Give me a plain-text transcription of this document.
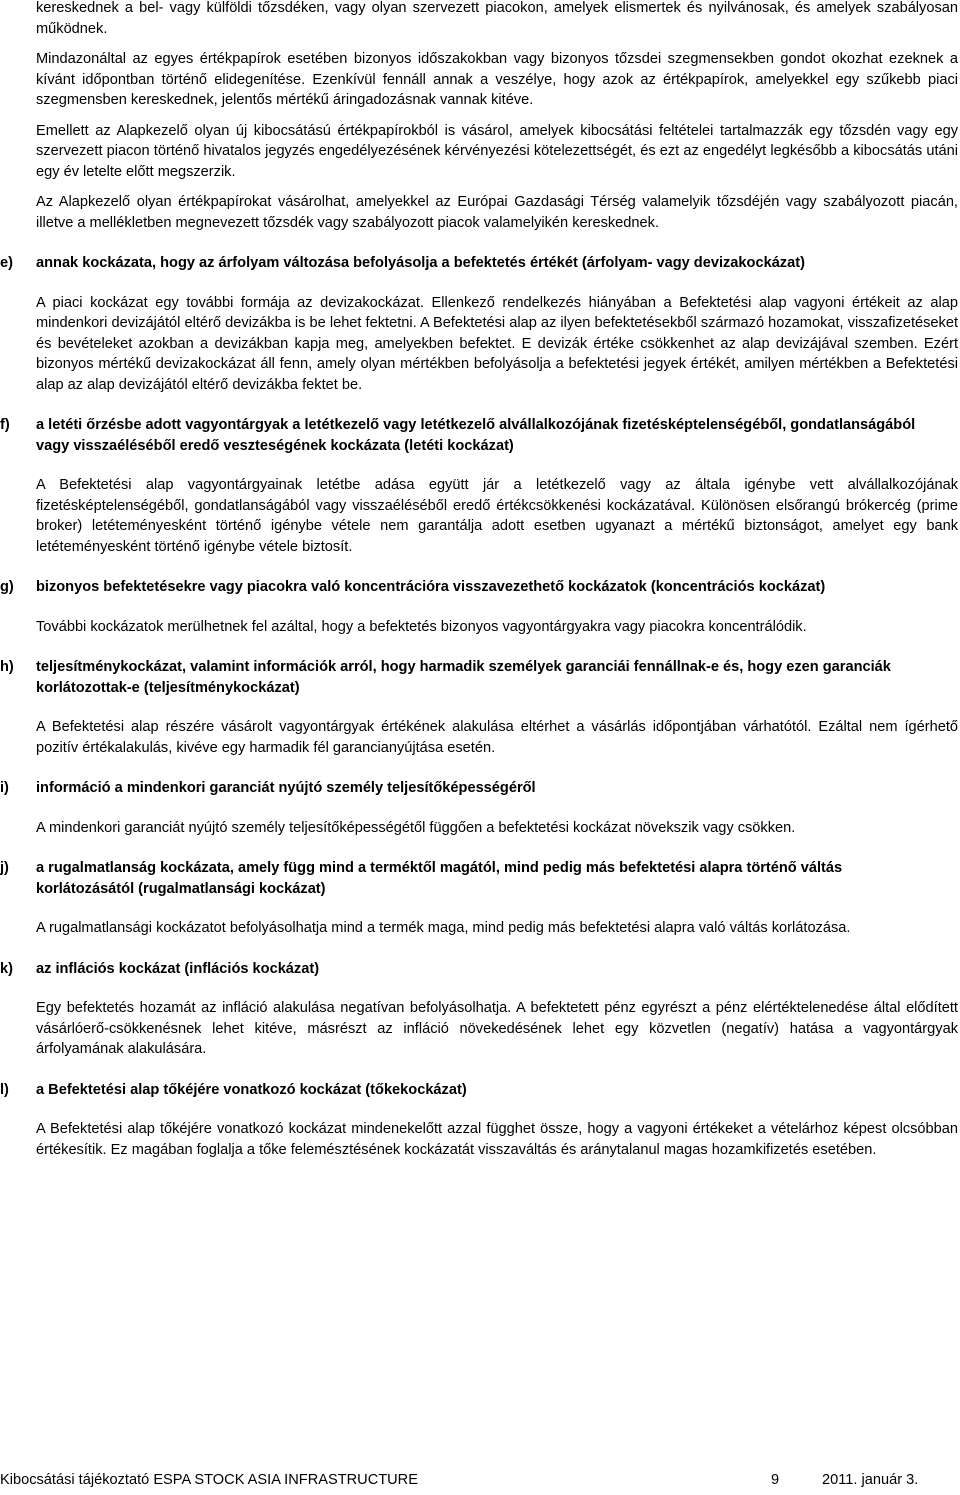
kereskednek a bel- vagy külföldi tőzsdéken, vagy olyan szervezett piacokon, amelyek elismertek és nyilvánosak, és amelyek szabályosan működnek.

Mindazonáltal az egyes értékpapírok esetében bizonyos időszakokban vagy bizonyos tőzsdei szegmensekben gondot okozhat ezeknek a kívánt időpontban történő elidegenítése. Ezenkívül fennáll annak a veszélye, hogy azok az értékpapírok, amelyekkel egy szűkebb piaci szegmensben kereskednek, jelentős mértékű áringadozásnak vannak kitéve.

Emellett az Alapkezelő olyan új kibocsátású értékpapírokból is vásárol, amelyek kibocsátási feltételei tartalmazzák egy tőzsdén vagy egy szervezett piacon történő hivatalos jegyzés engedélyezésének kérvényezési kötelezettségét, és ezt az engedélyt legkésőbb a kibocsátás utáni egy év letelte előtt megszerzik.

Az Alapkezelő olyan értékpapírokat vásárolhat, amelyekkel az Európai Gazdasági Térség valamelyik tőzsdéjén vagy szabályozott piacán, illetve a mellékletben megnevezett tőzsdék vagy szabályozott piacok valamelyikén kereskednek.

e)	annak kockázata, hogy az árfolyam változása befolyásolja a befektetés értékét (árfolyam- vagy devizakockázat)

A piaci kockázat egy további formája az devizakockázat. Ellenkező rendelkezés hiányában a Befektetési alap vagyoni értékeit az alap mindenkori devizájától eltérő devizákba is be lehet fektetni. A Befektetési alap az ilyen befektetésekből származó hozamokat, visszafizetéseket és bevételeket azokban a devizákban kapja meg, amelyekben befektet. E devizák értéke csökkenhet az alap devizájával szemben. Ezért bizonyos mértékű devizakockázat áll fenn, amely olyan mértékben befolyásolja a befektetési jegyek értékét, amilyen mértékben a Befektetési alap az alap devizájától eltérő devizákba fektet be.

f)	a letéti őrzésbe adott vagyontárgyak a letétkezelő vagy letétkezelő alvállalkozójának fizetésképtelenségéből, gondatlanságából vagy visszaéléséből eredő veszteségének kockázata (letéti kockázat)

A Befektetési alap vagyontárgyainak letétbe adása együtt jár a letétkezelő vagy az általa igénybe vett alvállalkozójának fizetésképtelenségéből, gondatlanságából vagy visszaéléséből eredő értékcsökkenési kockázatával. Különösen elsőrangú brókercég (prime broker) letéteményesként történő igénybe vétele nem garantálja adott esetben ugyanazt a mértékű biztonságot, amelyet egy bank letéteményesként történő igénybe vétele biztosít.

g)	bizonyos befektetésekre vagy piacokra való koncentrációra visszavezethető kockázatok (koncentrációs kockázat)

További kockázatok merülhetnek fel azáltal, hogy a befektetés bizonyos vagyontárgyakra vagy piacokra koncentrálódik.

h)	teljesítménykockázat, valamint információk arról, hogy harmadik személyek garanciái fennállnak-e és, hogy ezen garanciák korlátozottak-e (teljesítménykockázat)

A Befektetési alap részére vásárolt vagyontárgyak értékének alakulása eltérhet a vásárlás időpontjában várhatótól. Ezáltal nem ígérhető pozitív értékalakulás, kivéve egy harmadik fél garancianyújtása esetén.

i)	információ a mindenkori garanciát nyújtó személy teljesítőképességéről

A mindenkori garanciát nyújtó személy teljesítőképességétől függően a befektetési kockázat növekszik vagy csökken.

j)	a rugalmatlanság kockázata, amely függ mind a terméktől magától, mind pedig más befektetési alapra történő váltás korlátozásától (rugalmatlansági kockázat)

A rugalmatlansági kockázatot befolyásolhatja mind a termék maga, mind pedig más befektetési alapra való váltás korlátozása.

k)	az inflációs kockázat (inflációs kockázat)

Egy befektetés hozamát az infláció alakulása negatívan befolyásolhatja. A befektetett pénz egyrészt a pénz elértéktelenedése által elődített vásárlóerő-csökkenésnek lehet kitéve, másrészt az infláció növekedésének lehet egy közvetlen (negatív) hatása a vagyontárgyak árfolyamának alakulására.

l)	a Befektetési alap tőkéjére vonatkozó kockázat (tőkekockázat)

A Befektetési alap tőkéjére vonatkozó kockázat mindenekelőtt azzal függhet össze, hogy a vagyoni értékeket a vételárhoz képest olcsóbban értékesítik. Ez magában foglalja a tőke felemésztésének kockázatát visszaváltás és aránytalanul magas hozamkifizetés esetében.

Kibocsátási tájékoztató ESPA STOCK ASIA INFRASTRUCTURE	9	2011. január 3.
